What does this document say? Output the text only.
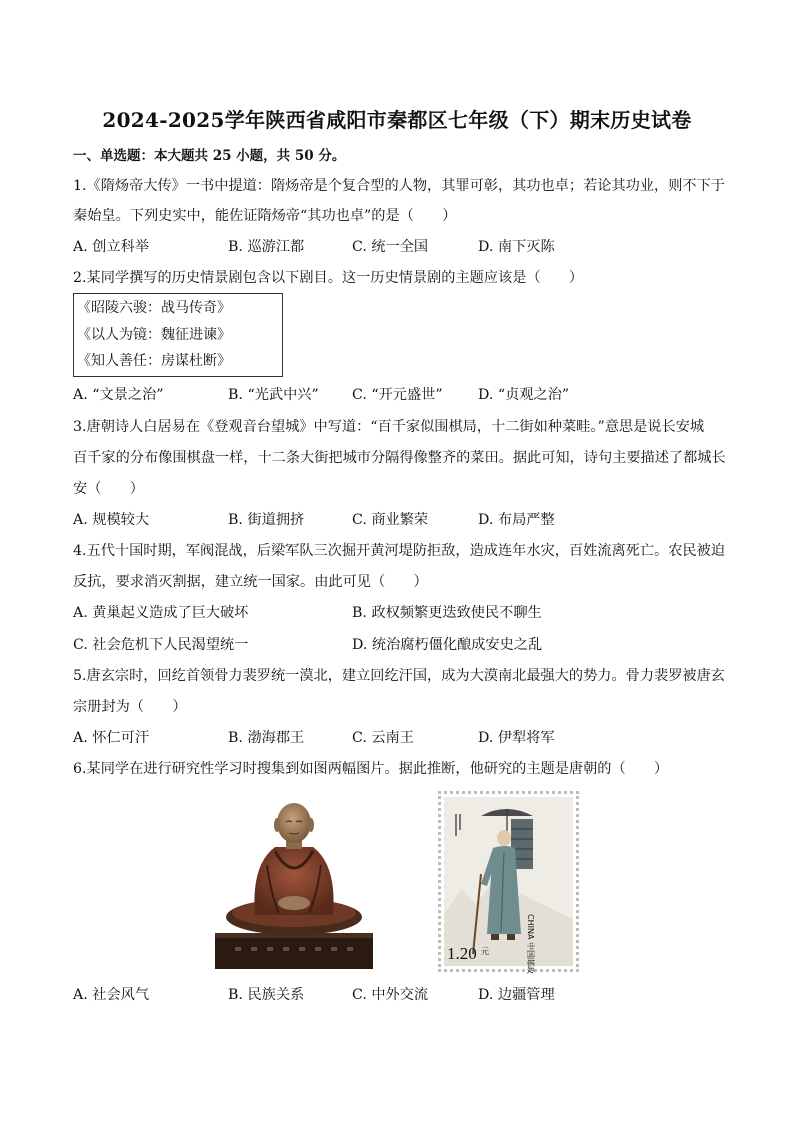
2024-2025学年陕西省咸阳市秦都区七年级（下）期末历史试卷
一、单选题：本大题共 25 小题，共 50 分。
1.《隋炀帝大传》一书中提道：隋炀帝是个复合型的人物，其罪可彰，其功也卓；若论其功业，则不下于
秦始皇。下列史实中，能佐证隋炀帝“其功也卓”的是（　　）
A. 创立科举	B. 巡游江都	C. 统一全国	D. 南下灭陈
2.某同学撰写的历史情景剧包含以下剧目。这一历史情景剧的主题应该是（　　）
《昭陵六骏：战马传奇》
《以人为镜：魏征进谏》
《知人善任：房谋杜断》
A. “文景之治”	B. “光武中兴” C. “开元盛世” D. “贞观之治”
3.唐朝诗人白居易在《登观音台望城》中写道：“百千家似围棋局，十二街如种菜畦。”意思是说长安城
百千家的分布像围棋盘一样，十二条大街把城市分隔得像整齐的菜田。据此可知，诗句主要描述了都城长
安（　　）
A. 规模较大	B. 街道拥挤	C. 商业繁荣	D. 布局严整
4.五代十国时期，军阀混战，后梁军队三次掘开黄河堤防拒敌，造成连年水灾，百姓流离死亡。农民被迫
反抗，要求消灭割据，建立统一国家。由此可见（　　）
A. 黄巢起义造成了巨大破坏	B. 政权频繁更迭致使民不聊生
C. 社会危机下人民渴望统一	D. 统治腐朽僵化酿成安史之乱
5.唐玄宗时，回纥首领骨力裴罗统一漠北，建立回纥汗国，成为大漠南北最强大的势力。骨力裴罗被唐玄
宗册封为（　　）
A. 怀仁可汗	B. 渤海郡王	C. 云南王	D. 伊犁将军
6.某同学在进行研究性学习时搜集到如图两幅图片。据此推断，他研究的主题是唐朝的（　　）
1.20 元	CHINA 中国邮政
A. 社会风气	B. 民族关系	C. 中外交流	D. 边疆管理
